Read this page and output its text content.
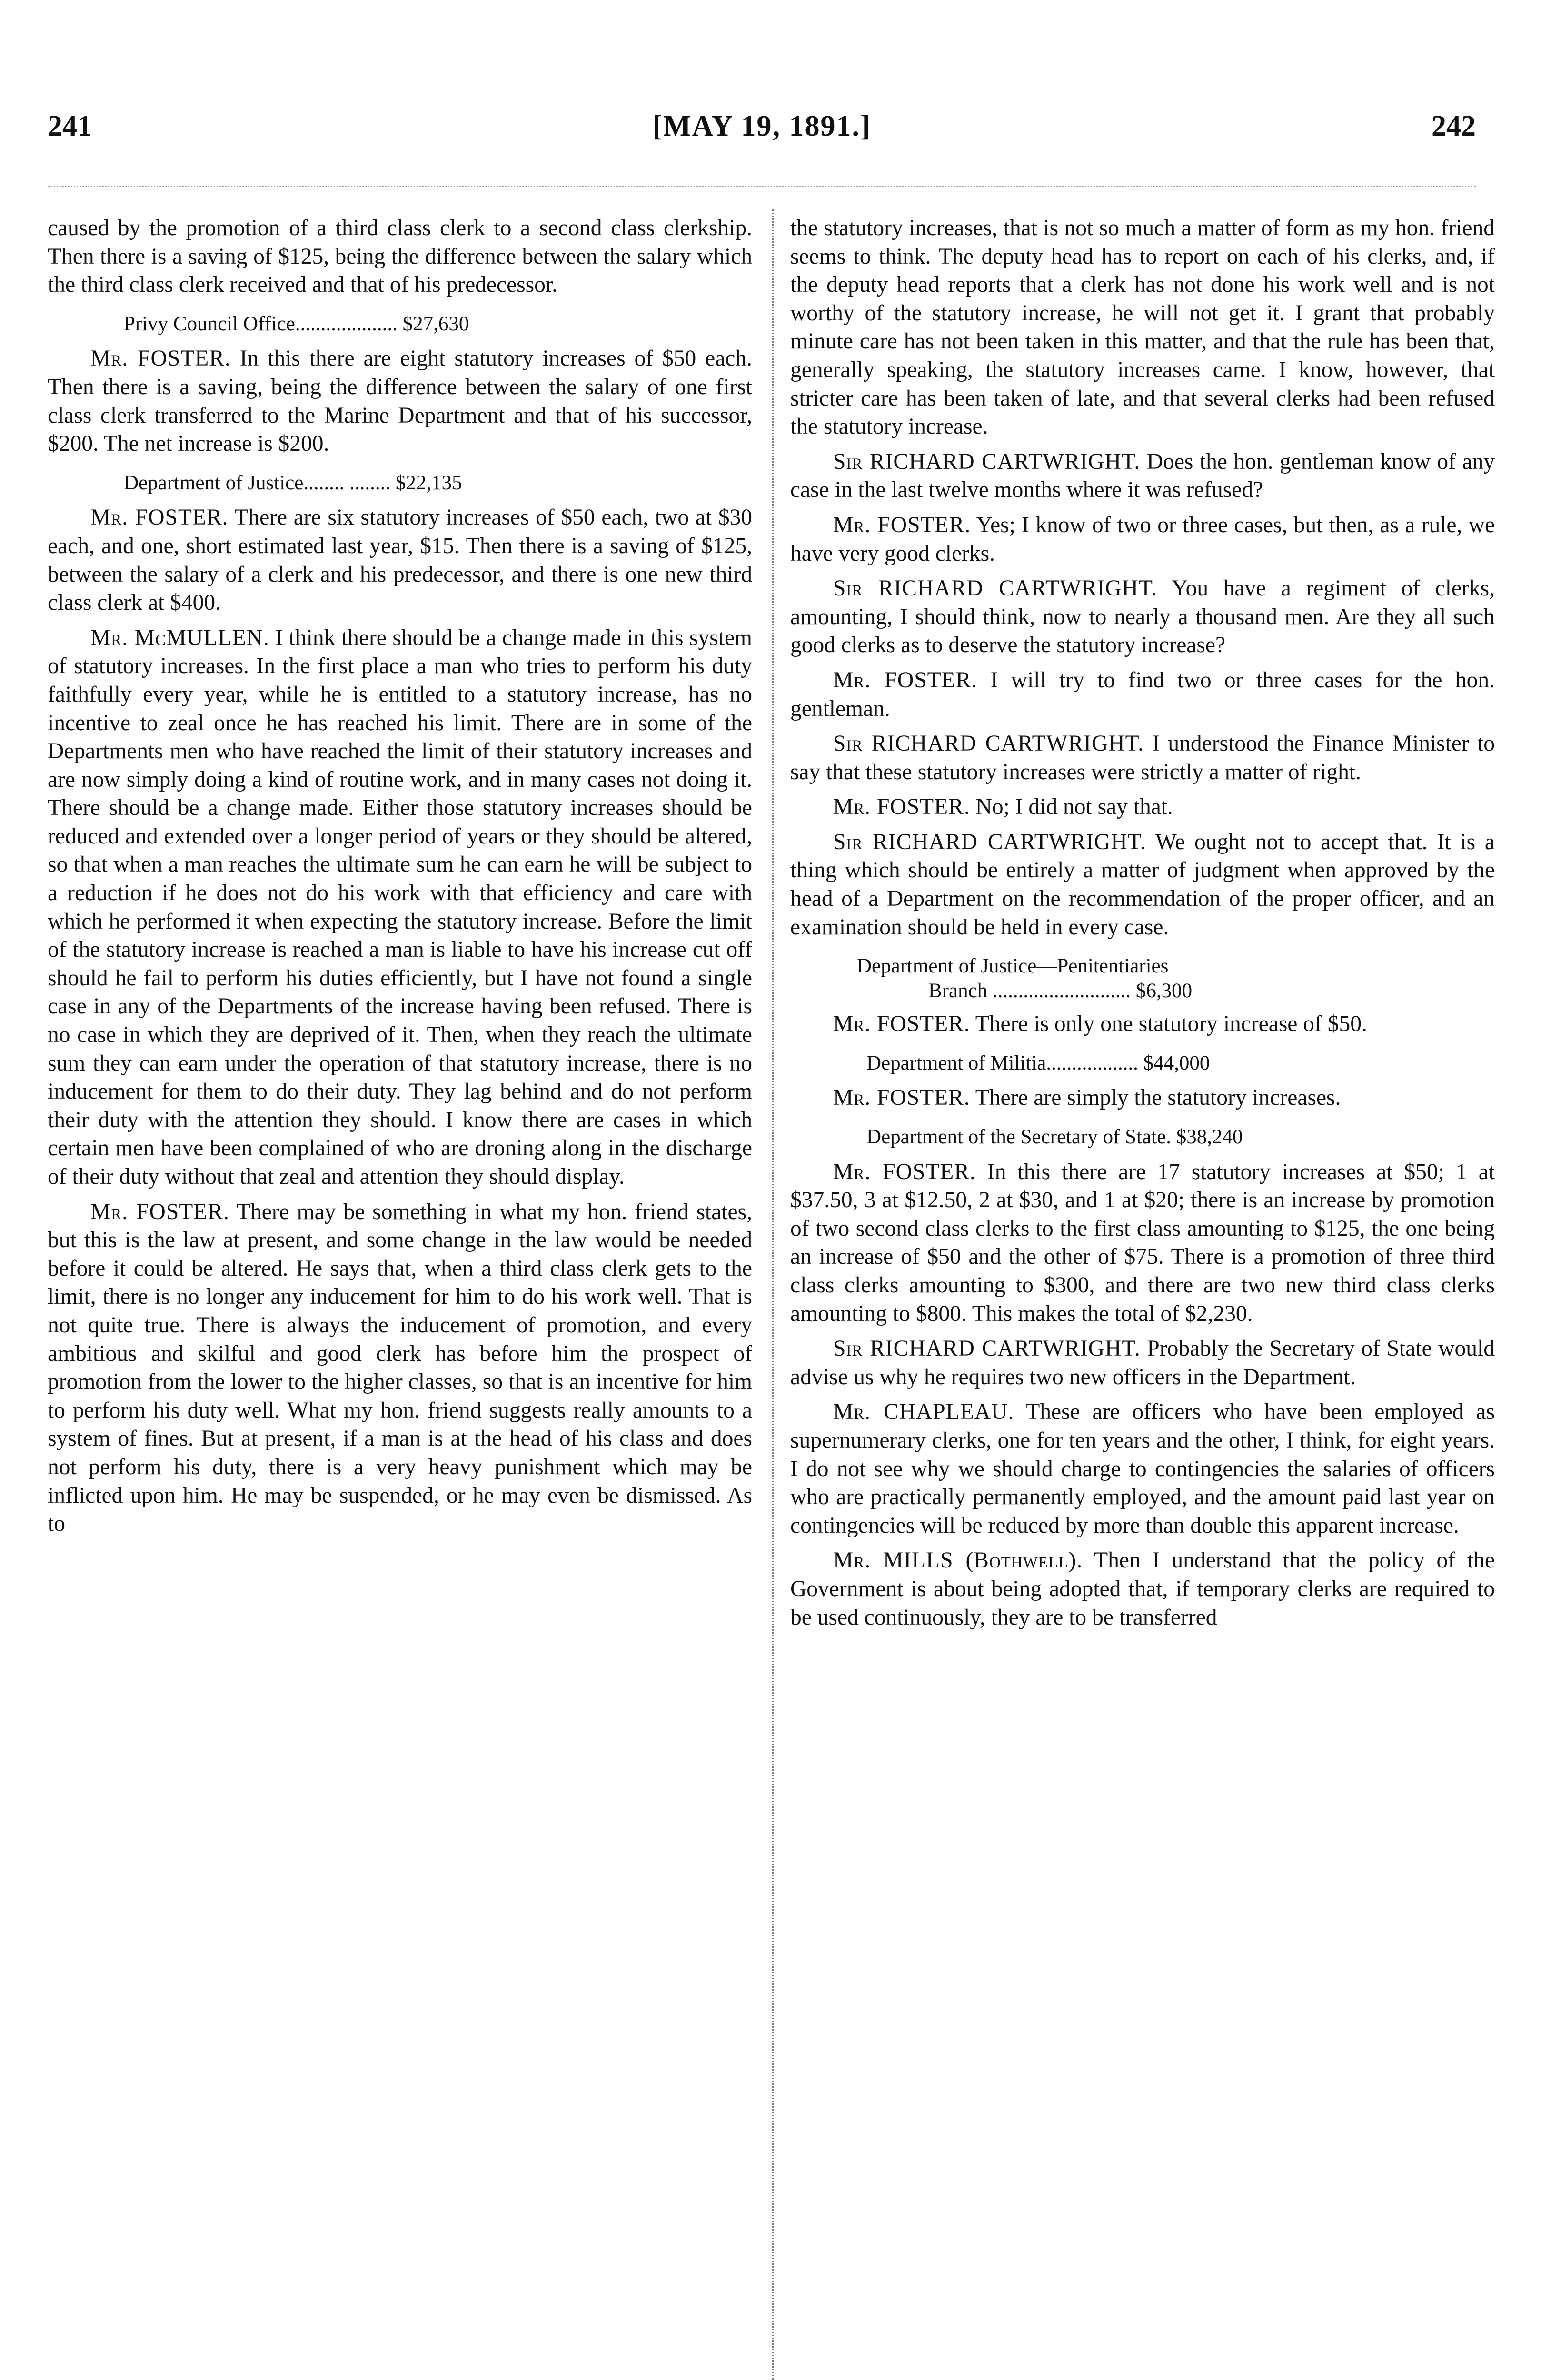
241	[MAY 19, 1891.]	242

caused by the promotion of a third class clerk to a second class clerkship. Then there is a saving of $125, being the difference between the salary which the third class clerk received and that of his predecessor.

Privy Council Office.................... $27,630

Mr. FOSTER. In this there are eight statutory increases of $50 each. Then there is a saving, being the difference between the salary of one first class clerk transferred to the Marine Department and that of his successor, $200. The net increase is $200.

Department of Justice........ ........ $22,135

Mr. FOSTER. There are six statutory increases of $50 each, two at $30 each, and one, short estimated last year, $15. Then there is a saving of $125, between the salary of a clerk and his predecessor, and there is one new third class clerk at $400.

Mr. McMULLEN. I think there should be a change made in this system of statutory increases. In the first place a man who tries to perform his duty faithfully every year, while he is entitled to a statutory increase, has no incentive to zeal once he has reached his limit. There are in some of the Departments men who have reached the limit of their statutory increases and are now simply doing a kind of routine work, and in many cases not doing it. There should be a change made. Either those statutory increases should be reduced and extended over a longer period of years or they should be altered, so that when a man reaches the ultimate sum he can earn he will be subject to a reduction if he does not do his work with that efficiency and care with which he performed it when expecting the statutory increase. Before the limit of the statutory increase is reached a man is liable to have his increase cut off should he fail to perform his duties efficiently, but I have not found a single case in any of the Departments of the increase having been refused. There is no case in which they are deprived of it. Then, when they reach the ultimate sum they can earn under the operation of that statutory increase, there is no inducement for them to do their duty. They lag behind and do not perform their duty with the attention they should. I know there are cases in which certain men have been complained of who are droning along in the discharge of their duty without that zeal and attention they should display.

Mr. FOSTER. There may be something in what my hon. friend states, but this is the law at present, and some change in the law would be needed before it could be altered. He says that, when a third class clerk gets to the limit, there is no longer any inducement for him to do his work well. That is not quite true. There is always the inducement of promotion, and every ambitious and skilful and good clerk has before him the prospect of promotion from the lower to the higher classes, so that is an incentive for him to perform his duty well. What my hon. friend suggests really amounts to a system of fines. But at present, if a man is at the head of his class and does not perform his duty, there is a very heavy punishment which may be inflicted upon him. He may be suspended, or he may even be dismissed. As to

the statutory increases, that is not so much a matter of form as my hon. friend seems to think. The deputy head has to report on each of his clerks, and, if the deputy head reports that a clerk has not done his work well and is not worthy of the statutory increase, he will not get it. I grant that probably minute care has not been taken in this matter, and that the rule has been that, generally speaking, the statutory increases came. I know, however, that stricter care has been taken of late, and that several clerks had been refused the statutory increase.

Sir RICHARD CARTWRIGHT. Does the hon. gentleman know of any case in the last twelve months where it was refused?

Mr. FOSTER. Yes; I know of two or three cases, but then, as a rule, we have very good clerks.

Sir RICHARD CARTWRIGHT. You have a regiment of clerks, amounting, I should think, now to nearly a thousand men. Are they all such good clerks as to deserve the statutory increase?

Mr. FOSTER. I will try to find two or three cases for the hon. gentleman.

Sir RICHARD CARTWRIGHT. I understood the Finance Minister to say that these statutory increases were strictly a matter of right.

Mr. FOSTER. No; I did not say that.

Sir RICHARD CARTWRIGHT. We ought not to accept that. It is a thing which should be entirely a matter of judgment when approved by the head of a Department on the recommendation of the proper officer, and an examination should be held in every case.

Department of Justice—Penitentiaries
Branch ........................... $6,300

Mr. FOSTER. There is only one statutory increase of $50.

Department of Militia.................. $44,000

Mr. FOSTER. There are simply the statutory increases.

Department of the Secretary of State. $38,240

Mr. FOSTER. In this there are 17 statutory increases at $50; 1 at $37.50, 3 at $12.50, 2 at $30, and 1 at $20; there is an increase by promotion of two second class clerks to the first class amounting to $125, the one being an increase of $50 and the other of $75. There is a promotion of three third class clerks amounting to $300, and there are two new third class clerks amounting to $800. This makes the total of $2,230.

Sir RICHARD CARTWRIGHT. Probably the Secretary of State would advise us why he requires two new officers in the Department.

Mr. CHAPLEAU. These are officers who have been employed as supernumerary clerks, one for ten years and the other, I think, for eight years. I do not see why we should charge to contingencies the salaries of officers who are practically permanently employed, and the amount paid last year on contingencies will be reduced by more than double this apparent increase.

Mr. MILLS (Bothwell). Then I understand that the policy of the Government is about being adopted that, if temporary clerks are required to be used continuously, they are to be transferred
